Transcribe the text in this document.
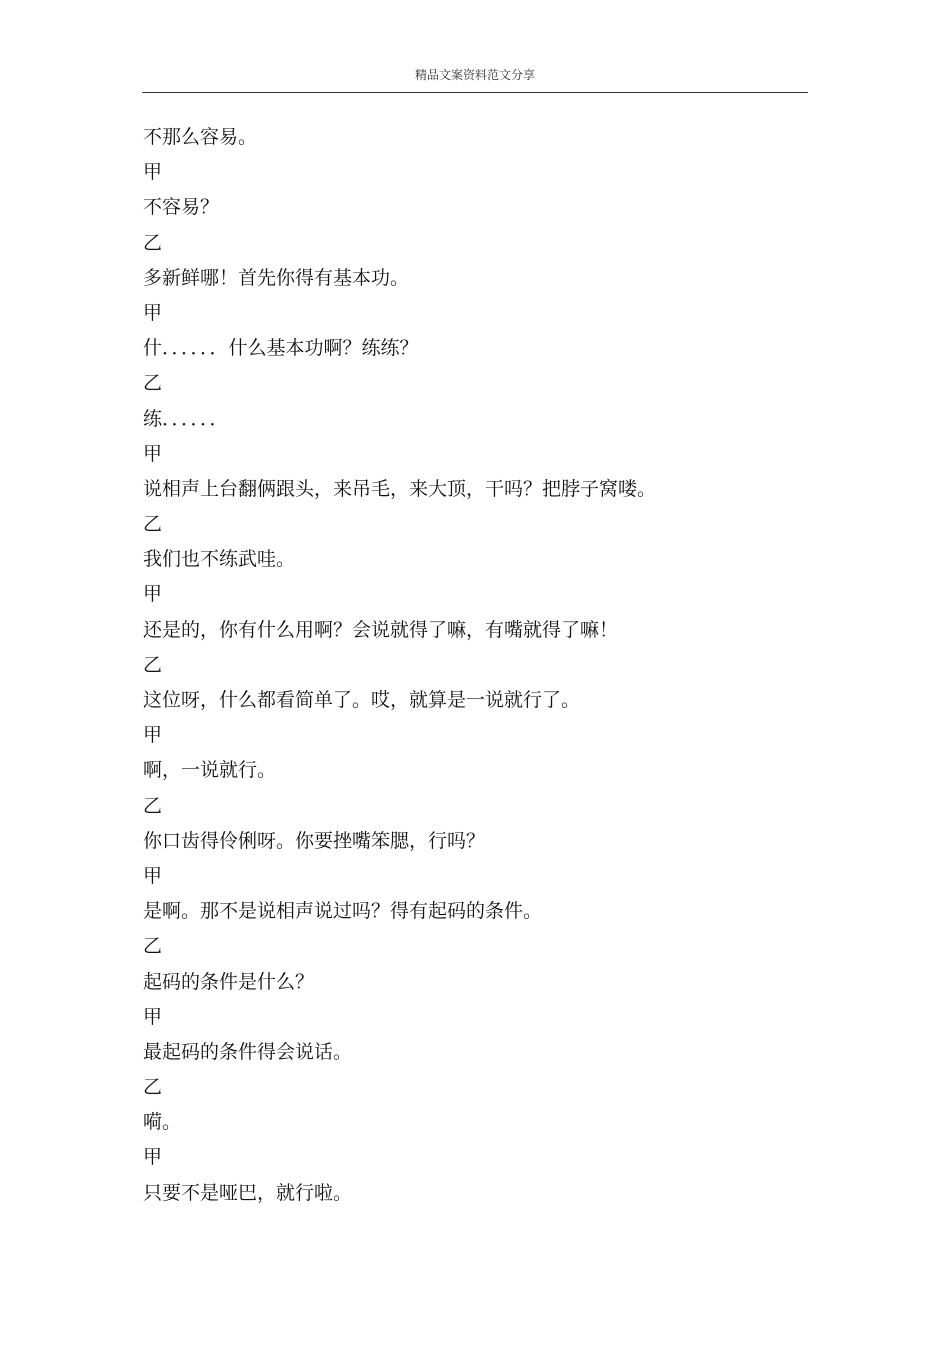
精品文案资料范文分享
不那么容易。
甲
不容易？
乙
多新鲜哪！首先你得有基本功。
甲
什．．．．．．什么基本功啊？练练？
乙
练．．．．．．
甲
说相声上台翻俩跟头，来吊毛，来大顶，干吗？把脖子窝喽。
乙
我们也不练武哇。
甲
还是的，你有什么用啊？会说就得了嘛，有嘴就得了嘛！
乙
这位呀，什么都看简单了。哎，就算是一说就行了。
甲
啊，一说就行。
乙
你口齿得伶俐呀。你要挫嘴笨腮，行吗？
甲
是啊。那不是说相声说过吗？得有起码的条件。
乙
起码的条件是什么？
甲
最起码的条件得会说话。
乙
嗬。
甲
只要不是哑巴，就行啦。
